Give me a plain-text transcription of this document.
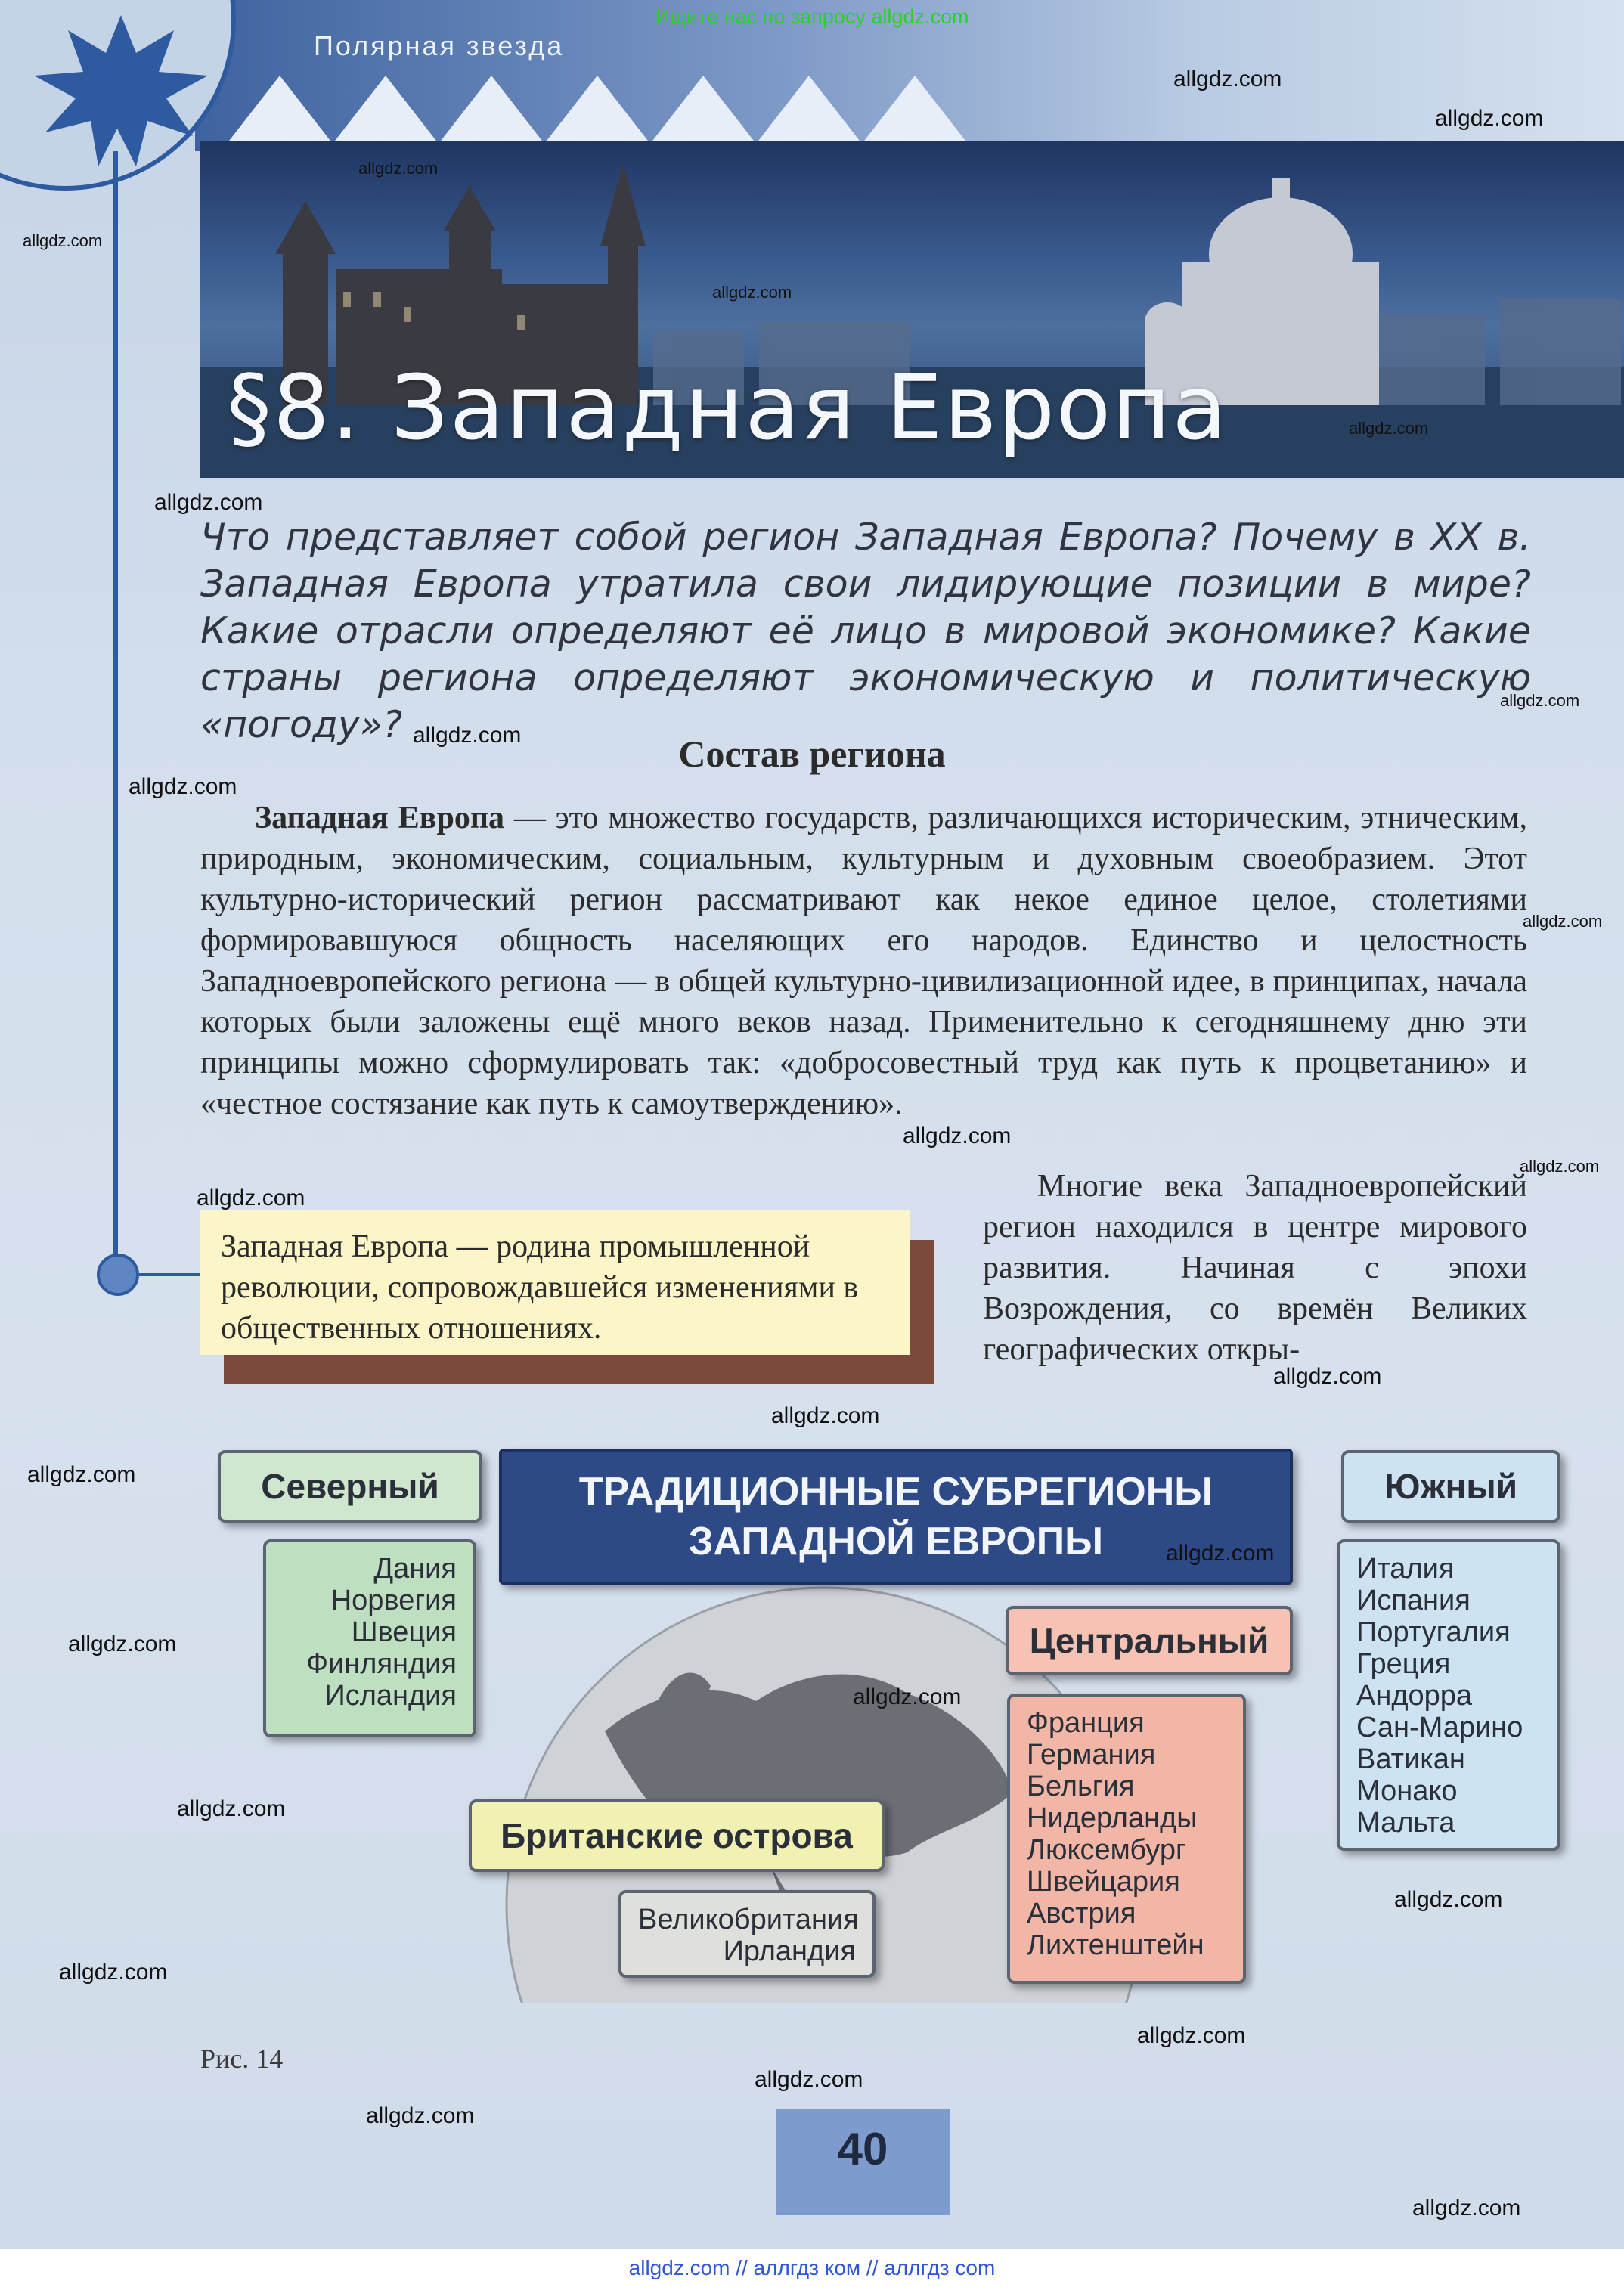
Полярная звезда
Ищите нас по запросу allgdz.com
§8. Западная Европа
Что представляет собой регион Западная Европа? Почему в XX в. Западная Европа утратила свои лидирующие позиции в мире? Какие отрасли определяют её лицо в мировой экономике? Какие страны региона определяют экономическую и политическую «погоду»?
Состав региона
Западная Европа — это множество государств, различающихся историческим, этническим, природным, экономическим, социальным, культурным и духовным своеобразием. Этот культурно-исторический регион рассматривают как некое единое целое, столетиями формировавшуюся общность населяющих его народов. Единство и целостность Западноевропейского региона — в общей культурно-цивилизационной идее, в принципах, начала которых были заложены ещё много веков назад. Применительно к сегодняшнему дню эти принципы можно сформулировать так: «добросовестный труд как путь к процветанию» и «честное состязание как путь к самоутверждению».
Западная Европа — родина промышленной революции, сопровождавшейся изменениями в общественных отношениях.
Многие века Западноевропейский регион находился в центре мирового развития. Начиная с эпохи Возрождения, со времён Великих географических откры-
ТРАДИЦИОННЫЕ СУБРЕГИОНЫ
ЗАПАДНОЙ ЕВРОПЫ
Северный
Дания
Норвегия
Швеция
Финляндия
Исландия
Южный
Италия
Испания
Португалия
Греция
Андорра
Сан-Марино
Ватикан
Монако
Мальта
Центральный
Франция
Германия
Бельгия
Нидерланды
Люксембург
Швейцария
Австрия
Лихтенштейн
Британские острова
Великобритания
Ирландия
Рис. 14
40
allgdz.com
allgdz.com
allgdz.com
allgdz.com
allgdz.com
allgdz.com
allgdz.com
allgdz.com
allgdz.com
allgdz.com
allgdz.com
allgdz.com
allgdz.com
allgdz.com
allgdz.com
allgdz.com
allgdz.com
allgdz.com
allgdz.com
allgdz.com
allgdz.com
allgdz.com
allgdz.com
allgdz.com
allgdz.com
allgdz.com
allgdz.com
allgdz.com // аллгдз ком // аллгдз com
